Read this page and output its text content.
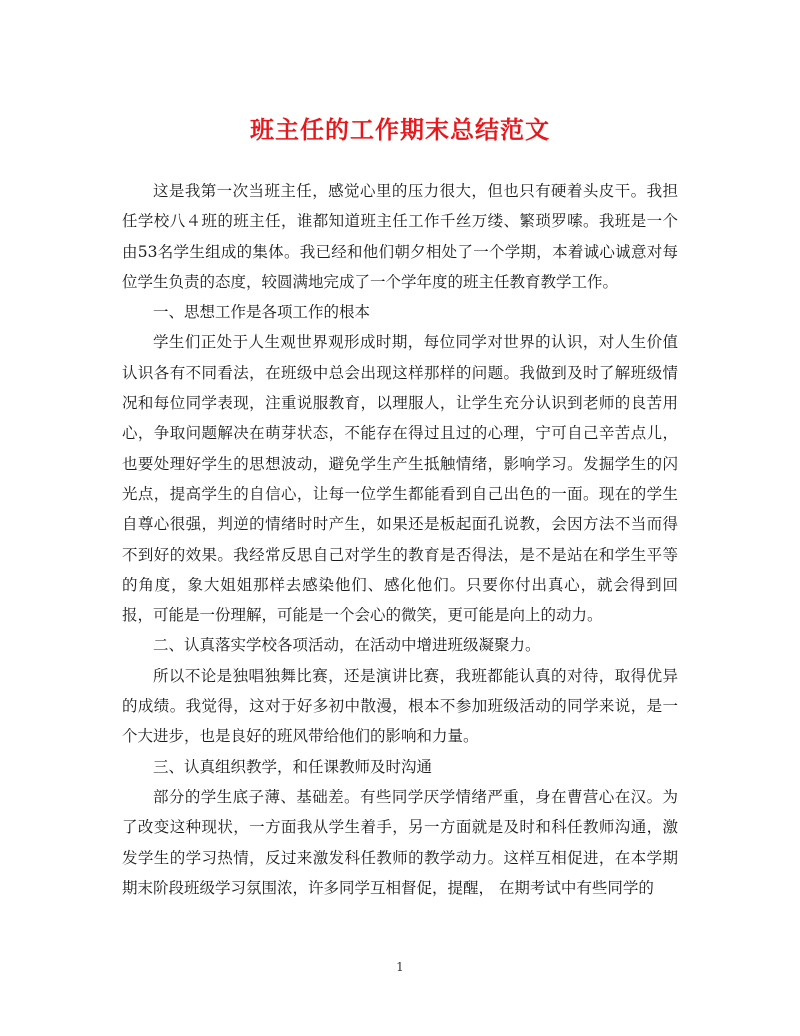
班主任的工作期末总结范文

这是我第一次当班主任，感觉心里的压力很大，但也只有硬着头皮干。我担任学校八４班的班主任，谁都知道班主任工作千丝万缕、繁琐罗嗦。我班是一个由53名学生组成的集体。我已经和他们朝夕相处了一个学期，本着诚心诚意对每位学生负责的态度，较圆满地完成了一个学年度的班主任教育教学工作。

一、思想工作是各项工作的根本

学生们正处于人生观世界观形成时期，每位同学对世界的认识，对人生价值认识各有不同看法，在班级中总会出现这样那样的问题。我做到及时了解班级情况和每位同学表现，注重说服教育，以理服人，让学生充分认识到老师的良苦用心，争取问题解决在萌芽状态，不能存在得过且过的心理，宁可自己辛苦点儿，也要处理好学生的思想波动，避免学生产生抵触情绪，影响学习。发掘学生的闪光点，提高学生的自信心，让每一位学生都能看到自己出色的一面。现在的学生自尊心很强，判逆的情绪时时产生，如果还是板起面孔说教，会因方法不当而得不到好的效果。我经常反思自己对学生的教育是否得法，是不是站在和学生平等的角度，象大姐姐那样去感染他们、感化他们。只要你付出真心，就会得到回报，可能是一份理解，可能是一个会心的微笑，更可能是向上的动力。

二、认真落实学校各项活动，在活动中增进班级凝聚力。

所以不论是独唱独舞比赛，还是演讲比赛，我班都能认真的对待，取得优异的成绩。我觉得，这对于好多初中散漫，根本不参加班级活动的同学来说，是一个大进步，也是良好的班风带给他们的影响和力量。

三、认真组织教学，和任课教师及时沟通

部分的学生底子薄、基础差。有些同学厌学情绪严重，身在曹营心在汉。为了改变这种现状，一方面我从学生着手，另一方面就是及时和科任教师沟通，激发学生的学习热情，反过来激发科任教师的教学动力。这样互相促进，在本学期期末阶段班级学习氛围浓，许多同学互相督促，提醒， 在期考试中有些同学的

1
